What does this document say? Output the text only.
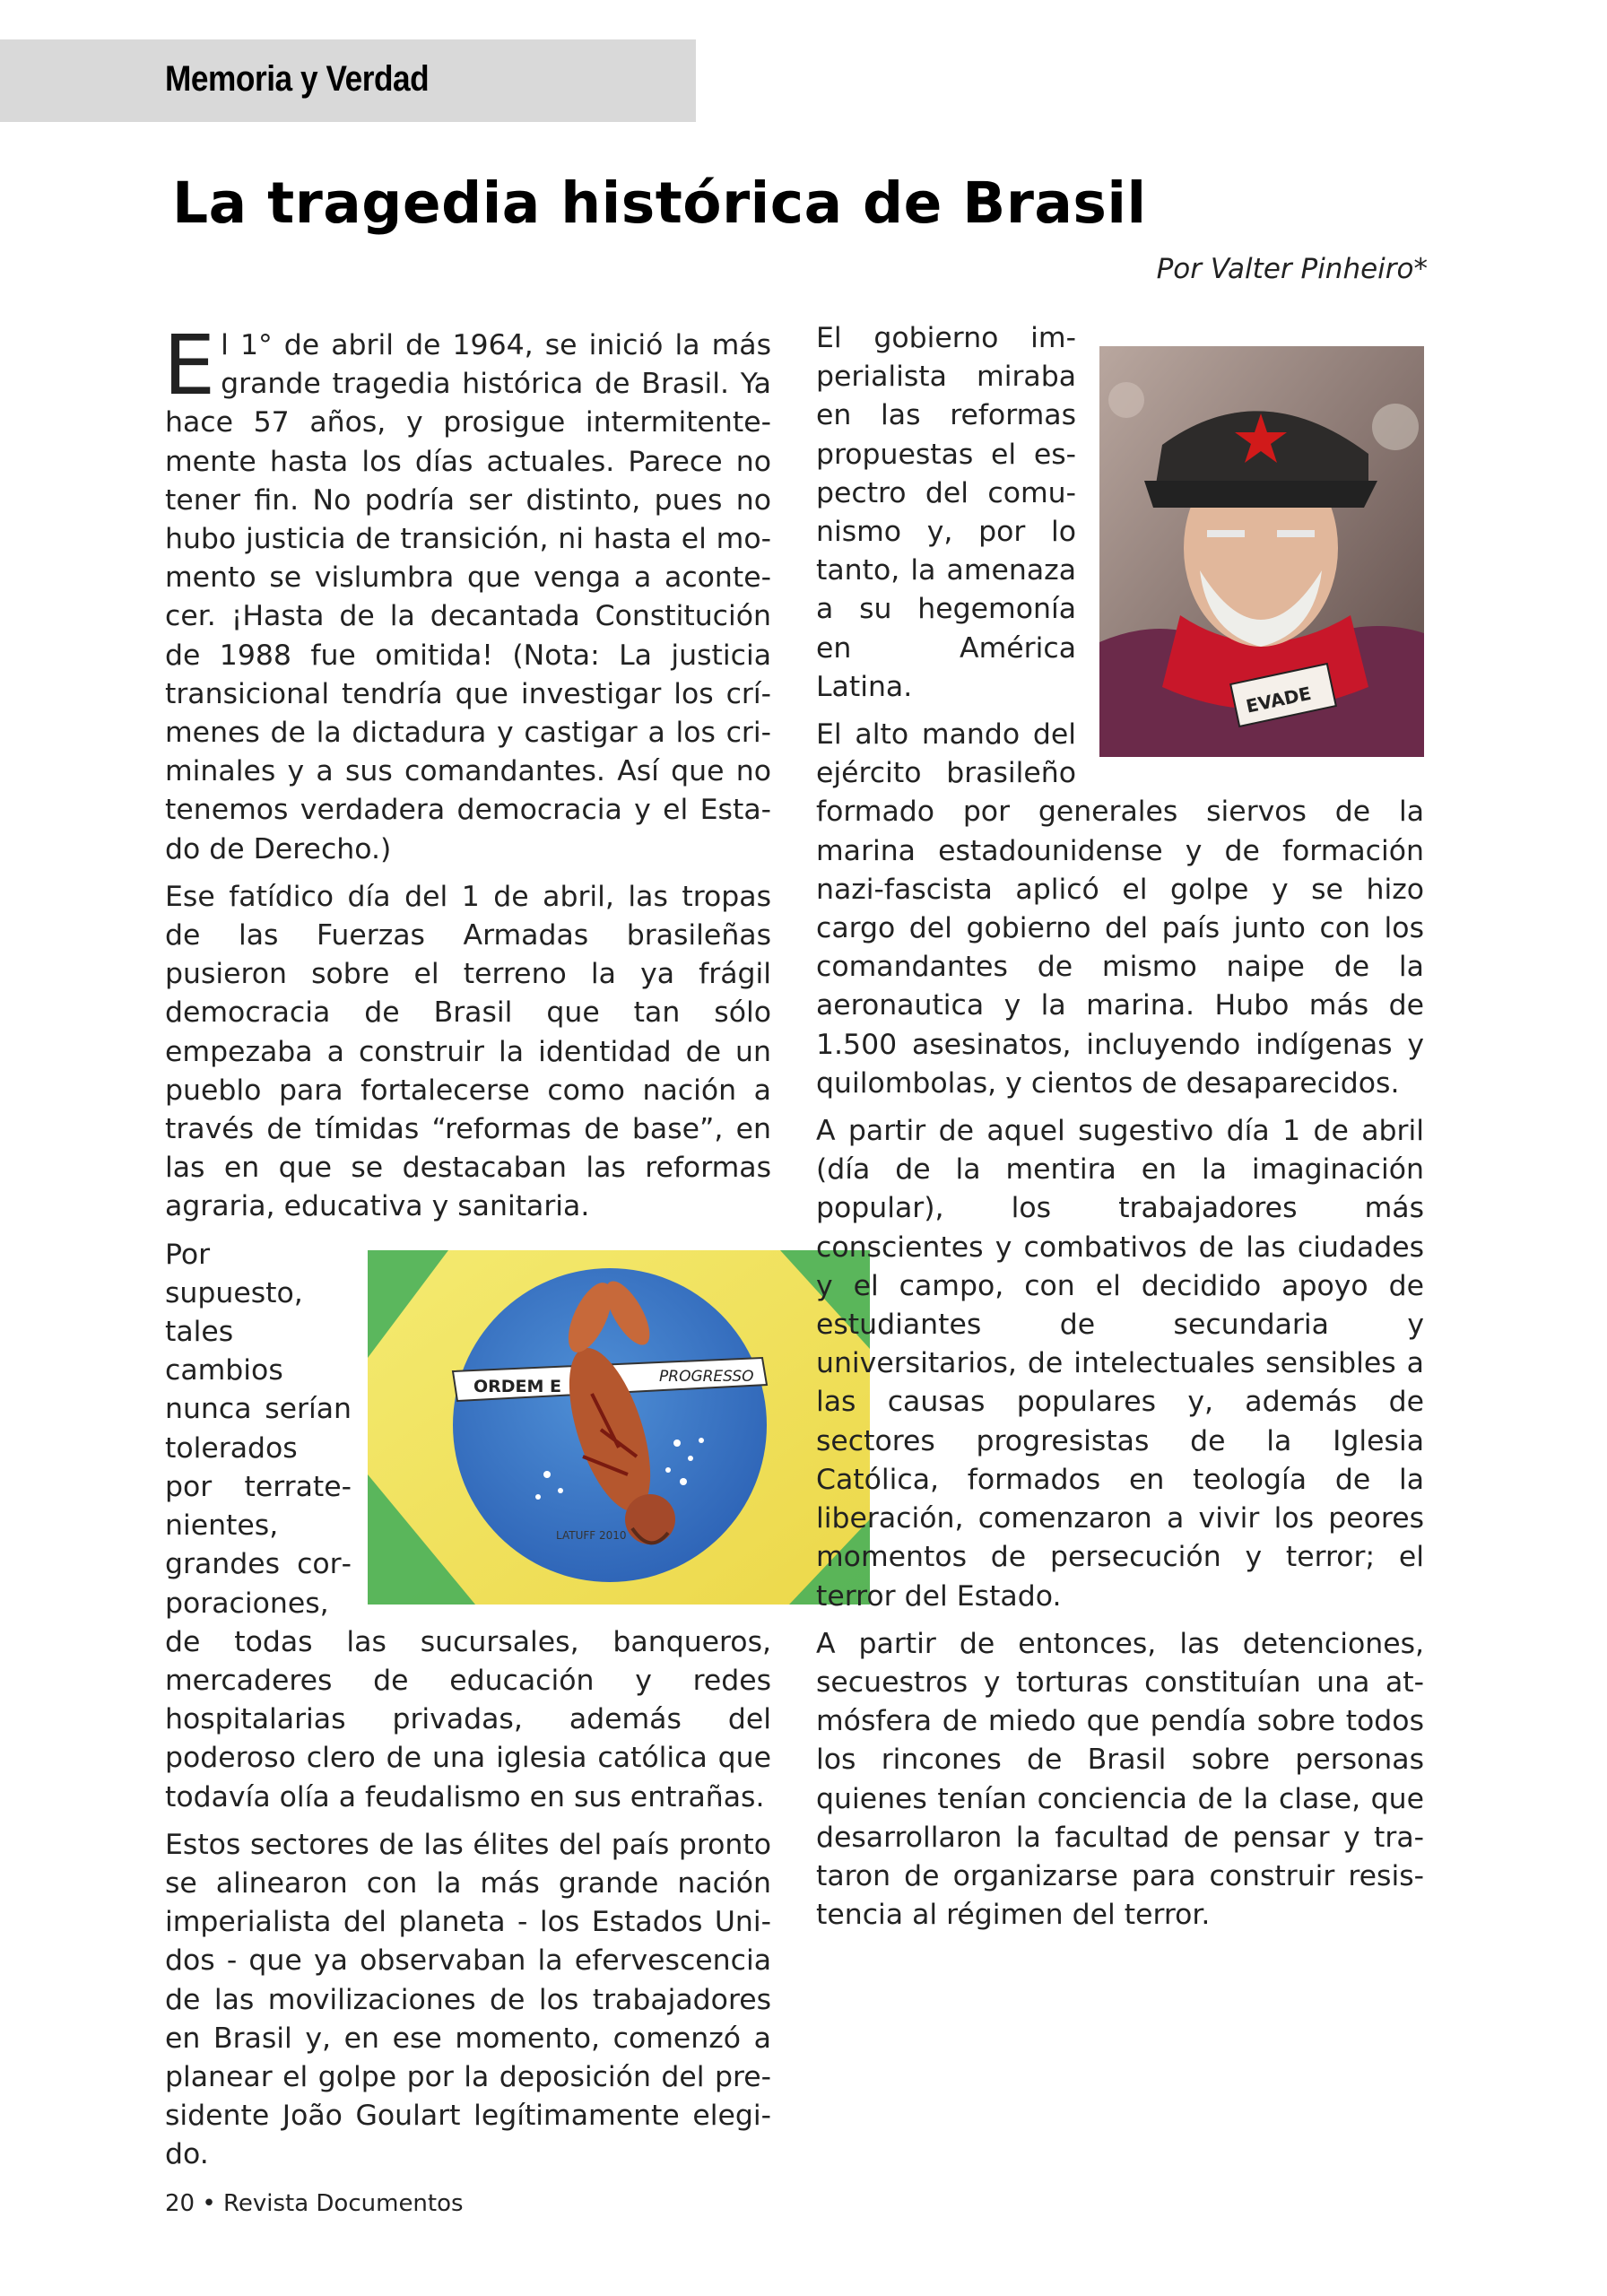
Memoria y Verdad
La tragedia histórica de Brasil
Por Valter Pinheiro*

El 1° de abril de 1964, se inició la más grande tragedia histórica de Brasil. Ya hace 57 años, y prosigue intermitentemente hasta los días actuales. Parece no tener fin. No podría ser distinto, pues no hubo justicia de transición, ni hasta el momento se vislumbra que venga a acontecer. ¡Hasta de la decantada Constitución de 1988 fue omitida! (Nota: La justicia transicional tendría que investigar los crímenes de la dictadura y castigar a los criminales y a sus comandantes. Así que no tenemos verdadera democracia y el Estado de Derecho.)

Ese fatídico día del 1 de abril, las tropas de las Fuerzas Armadas brasileñas pusieron sobre el terreno la ya frágil democracia de Brasil que tan sólo empezaba a construir la identidad de un pueblo para fortalecerse como nación a través de tímidas “reformas de base”, en las en que se destacaban las reformas agraria, educativa y sanitaria.

ORDEM E	PROGRESSO
LATUFF 2010
Por supuesto, tales cambios nunca serían tolerados por terratenientes, grandes corporaciones, de todas las sucursales, banqueros, mercaderes de educación y redes hospitalarias privadas, además del poderoso clero de una iglesia católica que todavía olía a feudalismo en sus entrañas.

Estos sectores de las élites del país pronto se alinearon con la más grande nación imperialista del planeta - los Estados Unidos - que ya observaban la efervescencia de las movilizaciones de los trabajadores en Brasil y, en ese momento, comenzó a planear el golpe por la deposición del presidente João Goulart legítimamente elegido.

EVADE
El gobierno imperialista miraba en las reformas propuestas el espectro del comunismo y, por lo tanto, la amenaza a su hegemonía en América Latina.

El alto mando del ejército brasileño formado por generales siervos de la marina estadounidense y de formación nazi-fascista aplicó el golpe y se hizo cargo del gobierno del país junto con los comandantes de mismo naipe de la aeronautica y la marina. Hubo más de 1.500 asesinatos, incluyendo indígenas y quilombolas, y cientos de desaparecidos.

A partir de aquel sugestivo día 1 de abril (día de la mentira en la imaginación popular), los trabajadores más conscientes y combativos de las ciudades y el campo, con el decidido apoyo de estudiantes de secundaria y universitarios, de intelectuales sensibles a las causas populares y, además de sectores progresistas de la Iglesia Católica, formados en teología de la liberación, comenzaron a vivir los peores momentos de persecución y terror; el terror del Estado.

A partir de entonces, las detenciones, secuestros y torturas constituían una atmósfera de miedo que pendía sobre todos los rincones de Brasil sobre personas quienes tenían conciencia de la clase, que desarrollaron la facultad de pensar y trataron de organizarse para construir resistencia al régimen del terror.

20 • Revista Documentos
